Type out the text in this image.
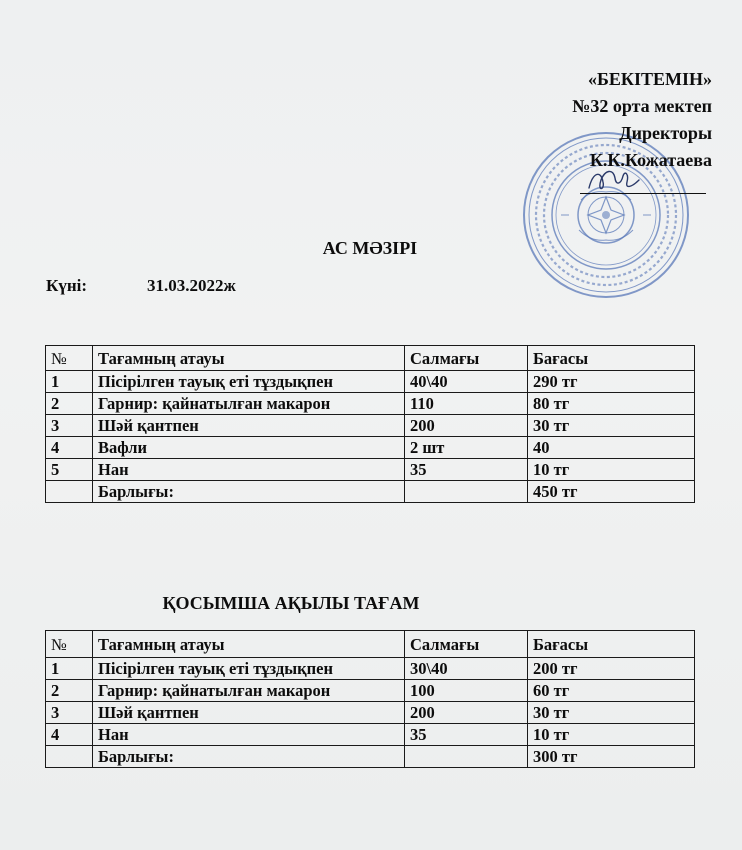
«БЕКІТЕМІН»
№32 орта мектеп
Директоры
К.К.Кожатаева
АС МӘЗІРІ
Күні:	31.03.2022ж
№	Тағамның атауы	Салмағы	Бағасы
1	Пісірілген тауық еті тұздықпен	40\40	290 тг
2	Гарнир: қайнатылған макарон	110	80 тг
3	Шәй қантпен	200	30 тг
4	Вафли	2 шт	40
5	Нан	35	10 тг
	Барлығы:		450 тг
ҚОСЫМША АҚЫЛЫ ТАҒАМ
№	Тағамның атауы	Салмағы	Бағасы
1	Пісірілген тауық еті тұздықпен	30\40	200 тг
2	Гарнир: қайнатылған макарон	100	60 тг
3	Шәй қантпен	200	30 тг
4	Нан	35	10 тг
	Барлығы:		300 тг
